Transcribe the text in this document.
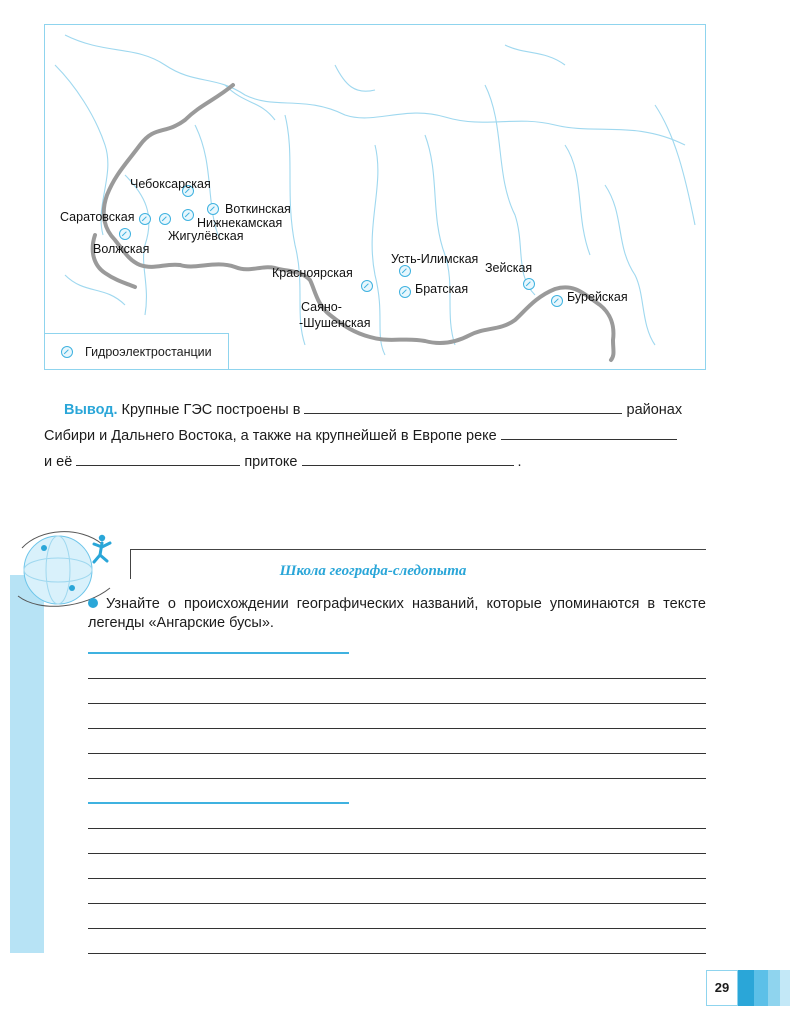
Чебоксарская
Саратовская
Воткинская
Нижнекамская
Жигулёвская
Волжская
Красноярская
Усть-Илимская
Зейская
Братская
Бурейская
Саяно-
-Шушенская
Гидроэлектростанции
Вывод. Крупные ГЭС построены в	районах
Сибири и Дальнего Востока, а также на крупнейшей в Европе реке
и её	притоке	.
Школа географа-следопыта
Узнайте о происхождении географических названий, которые упоминаются в тексте легенды «Ангарские бусы».
29
